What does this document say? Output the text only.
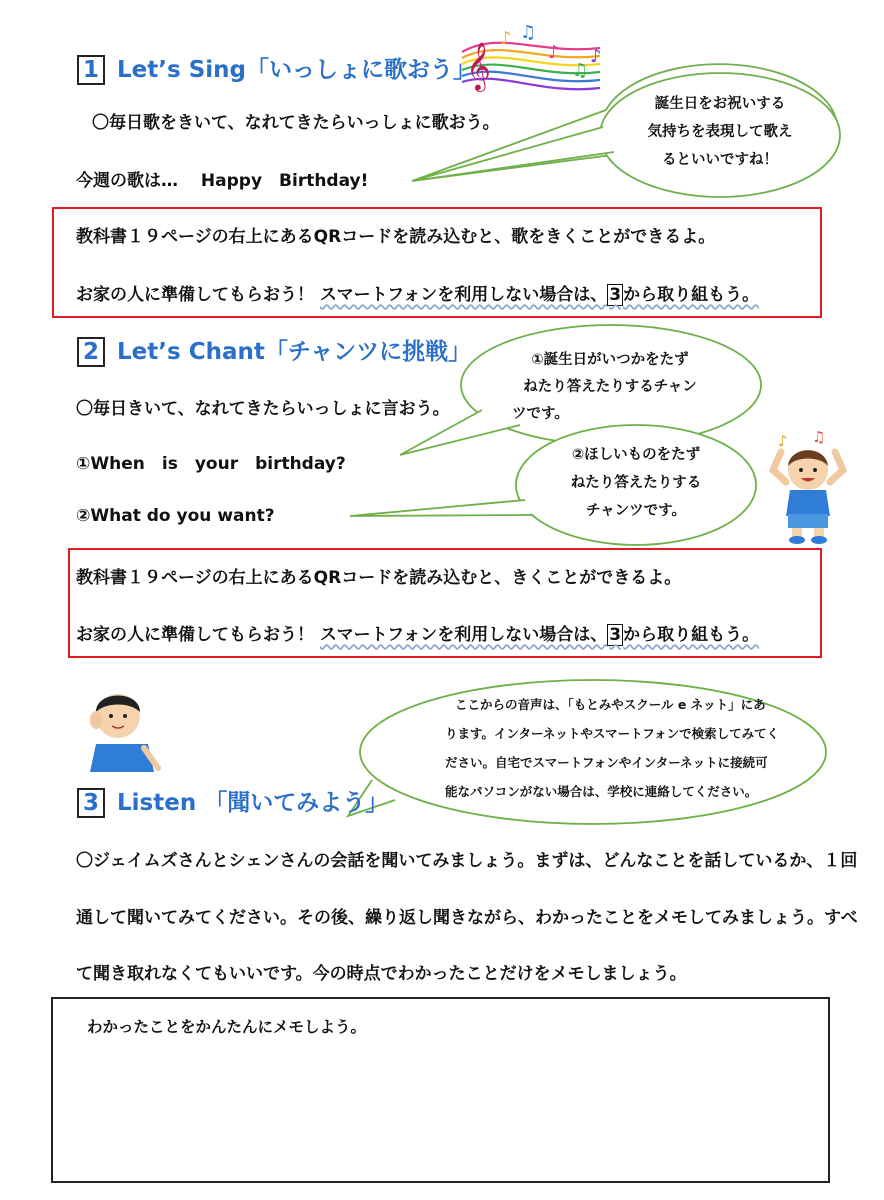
𝄞
♪ ♫
♪
♫
♪
1 Let’s Sing「いっしょに歌おう」
〇毎日歌をきいて、なれてきたらいっしょに歌おう。
今週の歌は…　 Happy　Birthday!
誕生日をお祝いする
気持ちを表現して歌え
るといいですね！
教科書１９ページの右上にあるQRコードを読み込むと、歌をきくことができるよ。
お家の人に準備してもらおう！ スマートフォンを利用しない場合は、 3 から取り組もう。
2 Let’s Chant「チャンツに挑戦」
〇毎日きいて、なれてきたらいっしょに言おう。
①When　is　your　birthday?
②What do you want?
①誕生日がいつかをたず
ねたり答えたりするチャン
ツです。
②ほしいものをたず
ねたり答えたりする
チャンツです。
♪ ♫
教科書１９ページの右上にあるQRコードを読み込むと、きくことができるよ。
お家の人に準備してもらおう！ スマートフォンを利用しない場合は、 3 から取り組もう。
ここからの音声は、「もとみやスクール e ネット」にあ
ります。インターネットやスマートフォンで検索してみてく
ださい。自宅でスマートフォンやインターネットに接続可
能なパソコンがない場合は、学校に連絡してください。
3 Listen 「聞いてみよう」
〇ジェイムズさんとシェンさんの会話を聞いてみましょう。まずは、どんなことを話しているか、１回
通して聞いてみてください。その後、繰り返し聞きながら、わかったことをメモしてみましょう。すべ
て聞き取れなくてもいいです。今の時点でわかったことだけをメモしましょう。
わかったことをかんたんにメモしよう。
